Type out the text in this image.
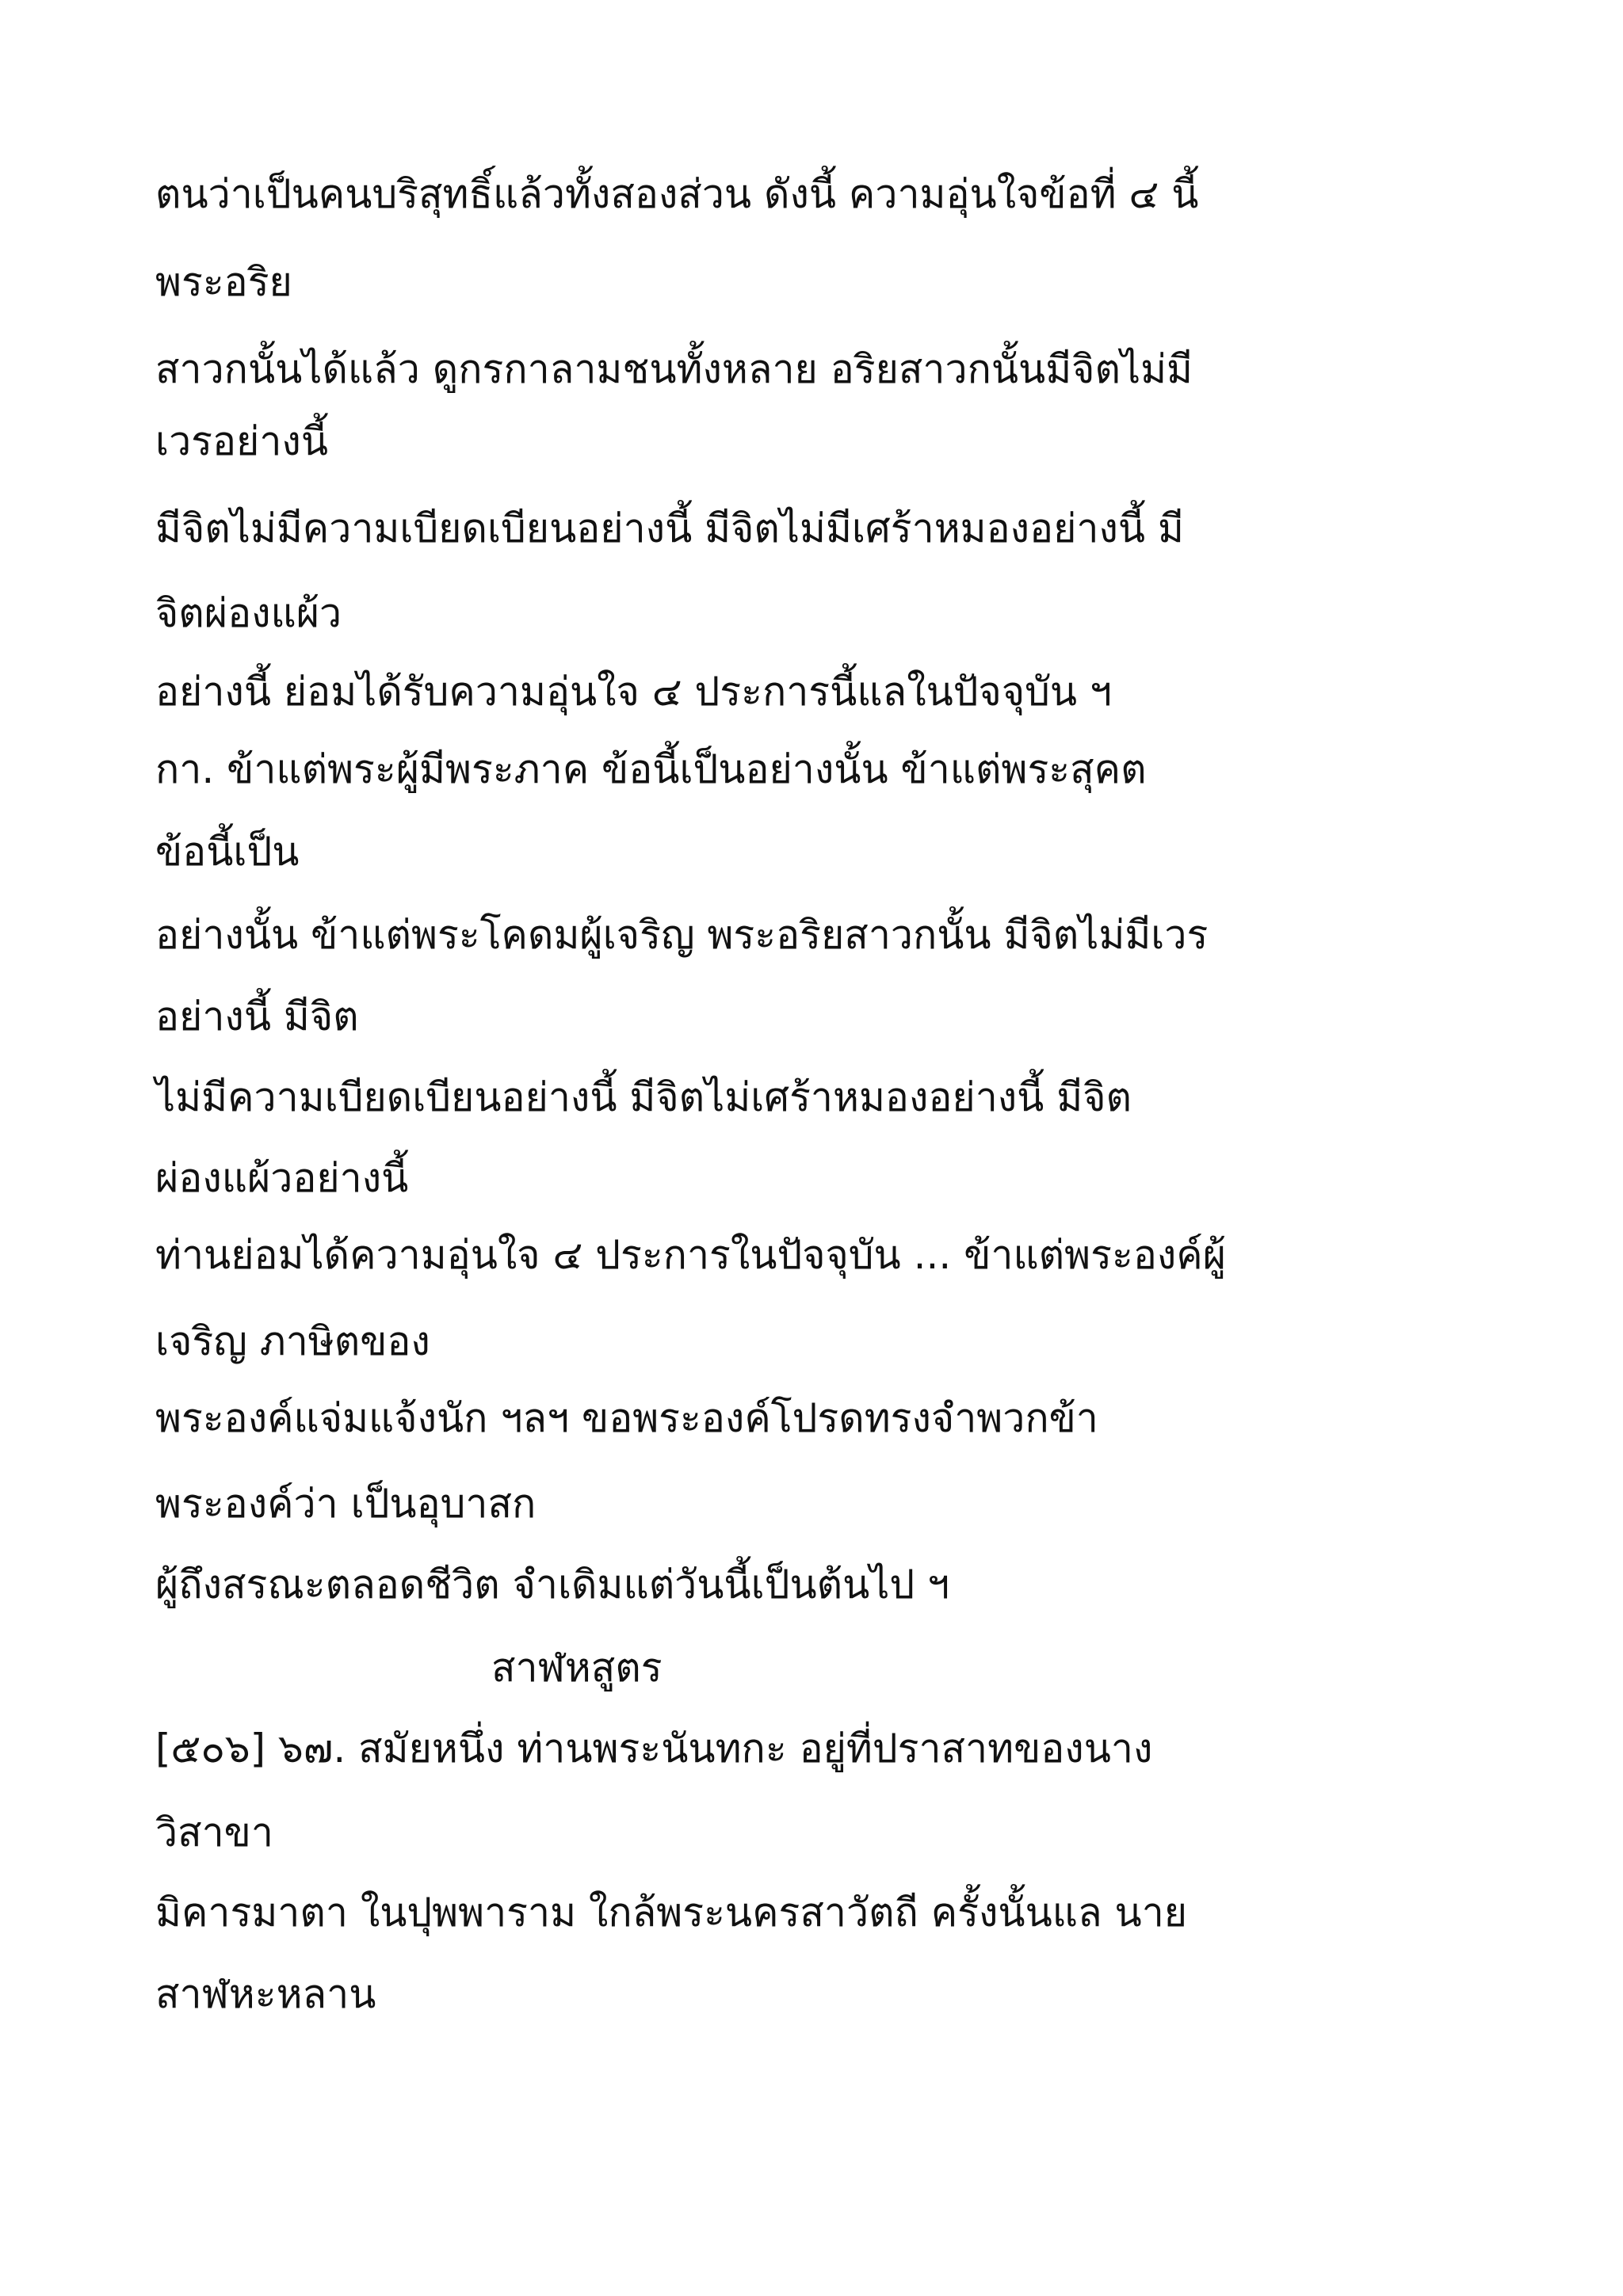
ตนว่าเป็นคนบริสุทธิ์แล้วทั้งสองส่วน ดังนี้ ความอุ่นใจข้อที่ ๔ นี้
พระอริย
สาวกนั้นได้แล้ว ดูกรกาลามชนทั้งหลาย อริยสาวกนั้นมีจิตไม่มี
เวรอย่างนี้
มีจิตไม่มีความเบียดเบียนอย่างนี้ มีจิตไม่มีเศร้าหมองอย่างนี้ มี
จิตผ่องแผ้ว
อย่างนี้ ย่อมได้รับความอุ่นใจ ๔ ประการนี้แลในปัจจุบัน ฯ
กา. ข้าแต่พระผู้มีพระภาค ข้อนี้เป็นอย่างนั้น ข้าแต่พระสุคต
ข้อนี้เป็น
อย่างนั้น ข้าแต่พระโคดมผู้เจริญ พระอริยสาวกนั้น มีจิตไม่มีเวร
อย่างนี้ มีจิต
ไม่มีความเบียดเบียนอย่างนี้ มีจิตไม่เศร้าหมองอย่างนี้ มีจิต
ผ่องแผ้วอย่างนี้
ท่านย่อมได้ความอุ่นใจ ๔ ประการในปัจจุบัน ... ข้าแต่พระองค์ผู้
เจริญ ภาษิตของ
พระองค์แจ่มแจ้งนัก ฯลฯ ขอพระองค์โปรดทรงจำพวกข้า
พระองค์ว่า เป็นอุบาสก
ผู้ถึงสรณะตลอดชีวิต จำเดิมแต่วันนี้เป็นต้นไป ฯ
สาฬหสูตร
[๕๐๖] ๖๗. สมัยหนึ่ง ท่านพระนันทกะ อยู่ที่ปราสาทของนาง
วิสาขา
มิคารมาตา ในปุพพาราม ใกล้พระนครสาวัตถี ครั้งนั้นแล นาย
สาฬหะหลาน
